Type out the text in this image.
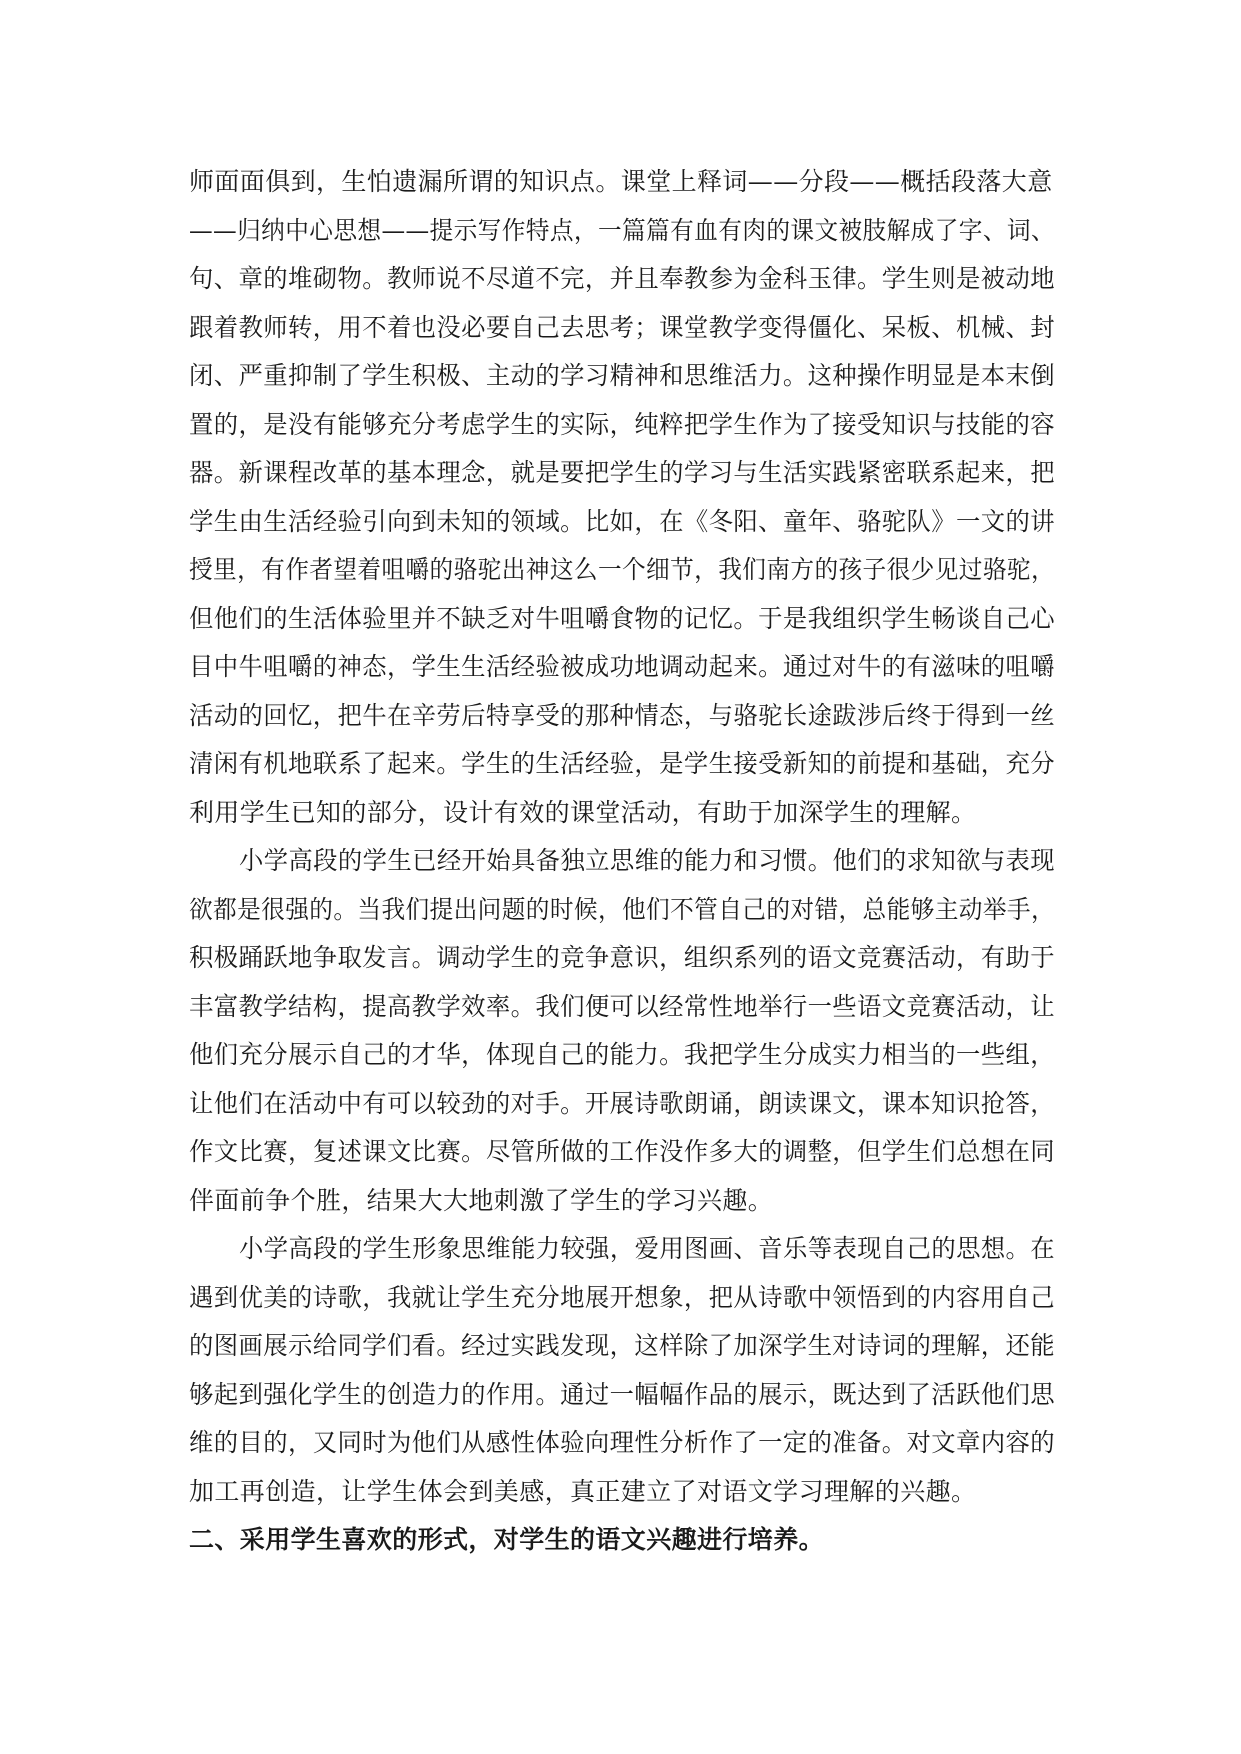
师面面俱到，生怕遗漏所谓的知识点。课堂上释词——分段——概括段落大意
——归纳中心思想——提示写作特点，一篇篇有血有肉的课文被肢解成了字、词、
句、章的堆砌物。教师说不尽道不完，并且奉教参为金科玉律。学生则是被动地
跟着教师转，用不着也没必要自己去思考；课堂教学变得僵化、呆板、机械、封
闭、严重抑制了学生积极、主动的学习精神和思维活力。这种操作明显是本末倒
置的，是没有能够充分考虑学生的实际，纯粹把学生作为了接受知识与技能的容
器。新课程改革的基本理念，就是要把学生的学习与生活实践紧密联系起来，把
学生由生活经验引向到未知的领域。比如，在《冬阳、童年、骆驼队》一文的讲
授里，有作者望着咀嚼的骆驼出神这么一个细节，我们南方的孩子很少见过骆驼，
但他们的生活体验里并不缺乏对牛咀嚼食物的记忆。于是我组织学生畅谈自己心
目中牛咀嚼的神态，学生生活经验被成功地调动起来。通过对牛的有滋味的咀嚼
活动的回忆，把牛在辛劳后特享受的那种情态，与骆驼长途跋涉后终于得到一丝
清闲有机地联系了起来。学生的生活经验，是学生接受新知的前提和基础，充分
利用学生已知的部分，设计有效的课堂活动，有助于加深学生的理解。
小学高段的学生已经开始具备独立思维的能力和习惯。他们的求知欲与表现
欲都是很强的。当我们提出问题的时候，他们不管自己的对错，总能够主动举手，
积极踊跃地争取发言。调动学生的竞争意识，组织系列的语文竞赛活动，有助于
丰富教学结构，提高教学效率。我们便可以经常性地举行一些语文竞赛活动，让
他们充分展示自己的才华，体现自己的能力。我把学生分成实力相当的一些组，
让他们在活动中有可以较劲的对手。开展诗歌朗诵，朗读课文，课本知识抢答，
作文比赛，复述课文比赛。尽管所做的工作没作多大的调整，但学生们总想在同
伴面前争个胜，结果大大地刺激了学生的学习兴趣。
小学高段的学生形象思维能力较强，爱用图画、音乐等表现自己的思想。在
遇到优美的诗歌，我就让学生充分地展开想象，把从诗歌中领悟到的内容用自己
的图画展示给同学们看。经过实践发现，这样除了加深学生对诗词的理解，还能
够起到强化学生的创造力的作用。通过一幅幅作品的展示，既达到了活跃他们思
维的目的，又同时为他们从感性体验向理性分析作了一定的准备。对文章内容的
加工再创造，让学生体会到美感，真正建立了对语文学习理解的兴趣。
二、采用学生喜欢的形式，对学生的语文兴趣进行培养。
